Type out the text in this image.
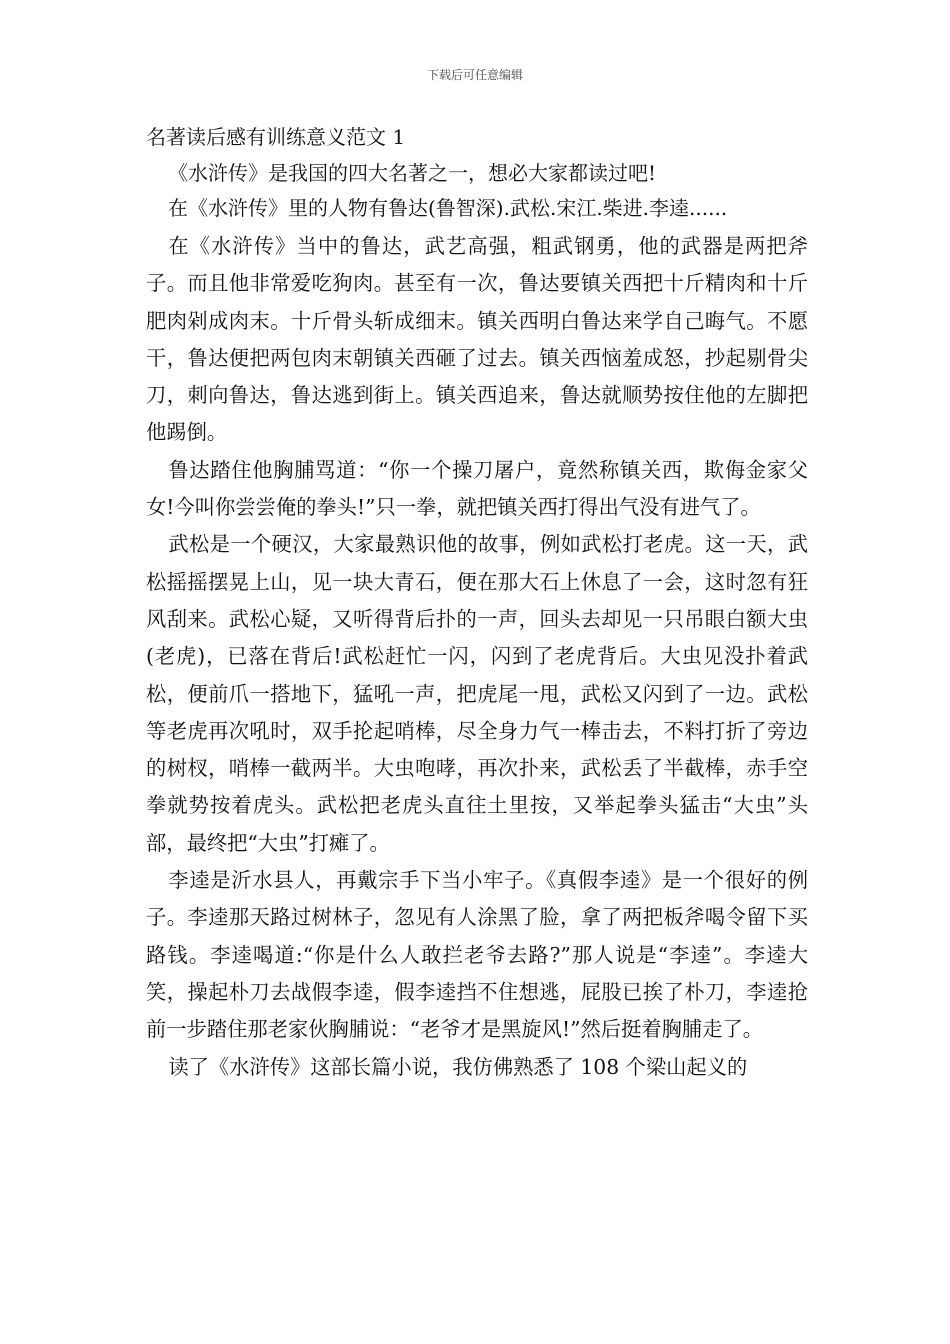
下载后可任意编辑

名著读后感有训练意义范文 1

《水浒传》是我国的四大名著之一，想必大家都读过吧!

在《水浒传》里的人物有鲁达(鲁智深).武松.宋江.柴进.李逵......

在《水浒传》当中的鲁达，武艺高强，粗武钢勇，他的武器是两把斧子。而且他非常爱吃狗肉。甚至有一次，鲁达要镇关西把十斤精肉和十斤肥肉剁成肉末。十斤骨头斩成细末。镇关西明白鲁达来学自己晦气。不愿干，鲁达便把两包肉末朝镇关西砸了过去。镇关西恼羞成怒，抄起剔骨尖刀，刺向鲁达，鲁达逃到街上。镇关西追来，鲁达就顺势按住他的左脚把他踢倒。

鲁达踏住他胸脯骂道：“你一个操刀屠户，竟然称镇关西，欺侮金家父女!今叫你尝尝俺的拳头!”只一拳，就把镇关西打得出气没有进气了。

武松是一个硬汉，大家最熟识他的故事，例如武松打老虎。这一天，武松摇摇摆晃上山，见一块大青石，便在那大石上休息了一会，这时忽有狂风刮来。武松心疑，又听得背后扑的一声，回头去却见一只吊眼白额大虫(老虎)，已落在背后!武松赶忙一闪，闪到了老虎背后。大虫见没扑着武松，便前爪一搭地下，猛吼一声，把虎尾一甩，武松又闪到了一边。武松等老虎再次吼时，双手抡起哨棒，尽全身力气一棒击去，不料打折了旁边的树杈，哨棒一截两半。大虫咆哮，再次扑来，武松丢了半截棒，赤手空拳就势按着虎头。武松把老虎头直往土里按，又举起拳头猛击“大虫”头部，最终把“大虫”打瘫了。

李逵是沂水县人，再戴宗手下当小牢子。《真假李逵》是一个很好的例子。李逵那天路过树林子，忽见有人涂黑了脸，拿了两把板斧喝令留下买路钱。李逵喝道:“你是什么人敢拦老爷去路?”那人说是“李逵”。李逵大笑，操起朴刀去战假李逵，假李逵挡不住想逃，屁股已挨了朴刀，李逵抢前一步踏住那老家伙胸脯说：“老爷才是黑旋风!”然后挺着胸脯走了。

读了《水浒传》这部长篇小说，我仿佛熟悉了 108 个梁山起义的
